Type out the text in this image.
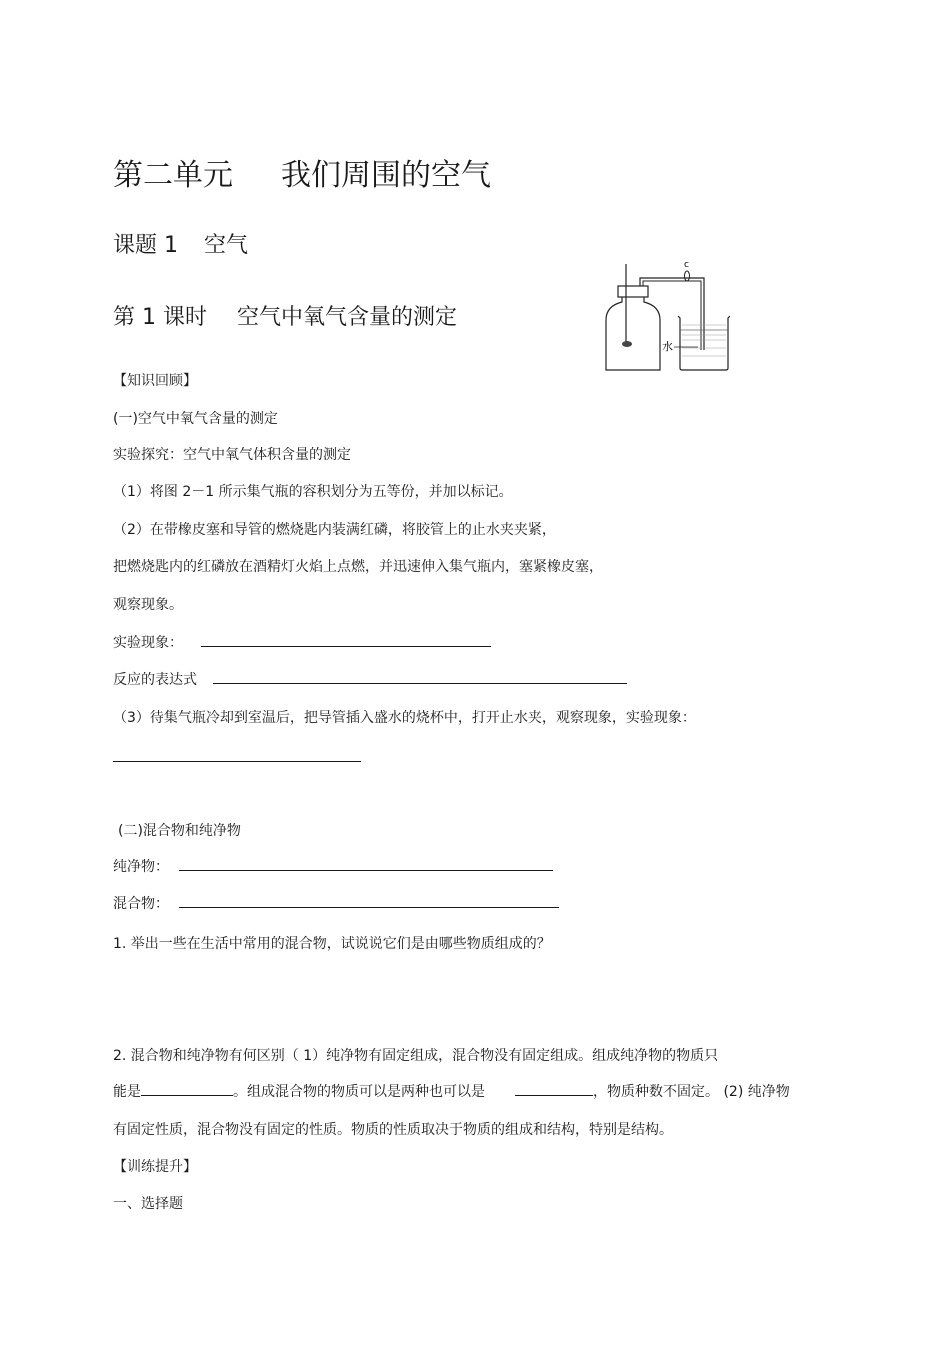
第二单元 我们周围的空气
课题 1 空气
第 1 课时 空气中氧气含量的测定
c
水
【知识回顾】
(一)空气中氧气含量的测定
实验探究：空气中氧气体积含量的测定
（1）将图 2－1 所示集气瓶的容积划分为五等份，并加以标记。
（2）在带橡皮塞和导管的燃烧匙内装满红磷，将胶管上的止水夹夹紧，
把燃烧匙内的红磷放在酒精灯火焰上点燃，并迅速伸入集气瓶内，塞紧橡皮塞，
观察现象。
实验现象：
反应的表达式
（3）待集气瓶冷却到室温后，把导管插入盛水的烧杯中，打开止水夹，观察现象，实验现象：
(二)混合物和纯净物
纯净物：
混合物：
1. 举出一些在生活中常用的混合物，试说说它们是由哪些物质组成的？
2. 混合物和纯净物有何区别（ 1）纯净物有固定组成，混合物没有固定组成。组成纯净物的物质只
能是	。组成混合物的物质可以是两种也可以是	，物质种数不固定。 (2) 纯净物
有固定性质，混合物没有固定的性质。物质的性质取决于物质的组成和结构，特别是结构。
【训练提升】
一、选择题
